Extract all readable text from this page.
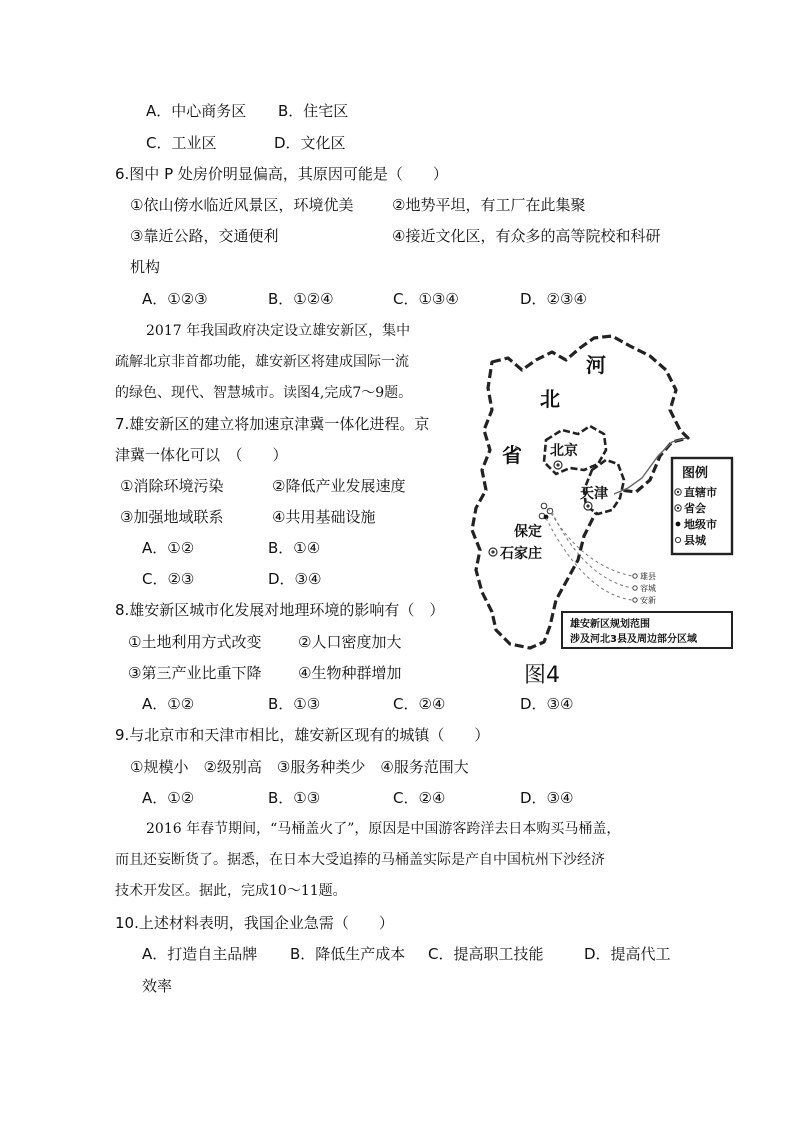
A．中心商务区 B．住宅区
C．工业区	D．文化区
6.图中 P 处房价明显偏高，其原因可能是（　　）
①依山傍水临近风景区，环境优美	②地势平坦，有工厂在此集聚
③靠近公路，交通便利	④接近文化区，有众多的高等院校和科研
机构
A．①②③	B．①②④	C．①③④	D．②③④
2017 年我国政府决定设立雄安新区，集中
疏解北京非首都功能，雄安新区将建成国际一流
的绿色、现代、智慧城市。读图4,完成7～9题。
7.雄安新区的建立将加速京津冀一体化进程。京
津冀一体化可以　（　　）
①消除环境污染	②降低产业发展速度
③加强地域联系	④共用基础设施
A．①②	B．①④
C．②③	D．③④
8.雄安新区城市化发展对地理环境的影响有（　）
①土地利用方式改变 ②人口密度加大
③第三产业比重下降 ④生物种群增加
A．①②	B．①③	C．②④	D．③④
9.与北京市和天津市相比，雄安新区现有的城镇（　　）
①规模小　②级别高　③服务种类少　④服务范围大
A．①②	B．①③	C．②④	D．③④
2016 年春节期间，“马桶盖火了”，原因是中国游客跨洋去日本购买马桶盖，
而且还妄断货了。据悉，在日本大受追捧的马桶盖实际是产自中国杭州下沙经济
技术开发区。据此，完成10～11题。
10.上述材料表明，我国企业急需（　　）
A．打造自主品牌 B．降低生产成本 C．提高职工技能	D．提高代工
效率
河
北
省 北京
天津
保定
石家庄
雄县
容城
安新
图例
直辖市
省会
地级市
县城
雄安新区规划范围
涉及河北3县及周边部分区域
图4
